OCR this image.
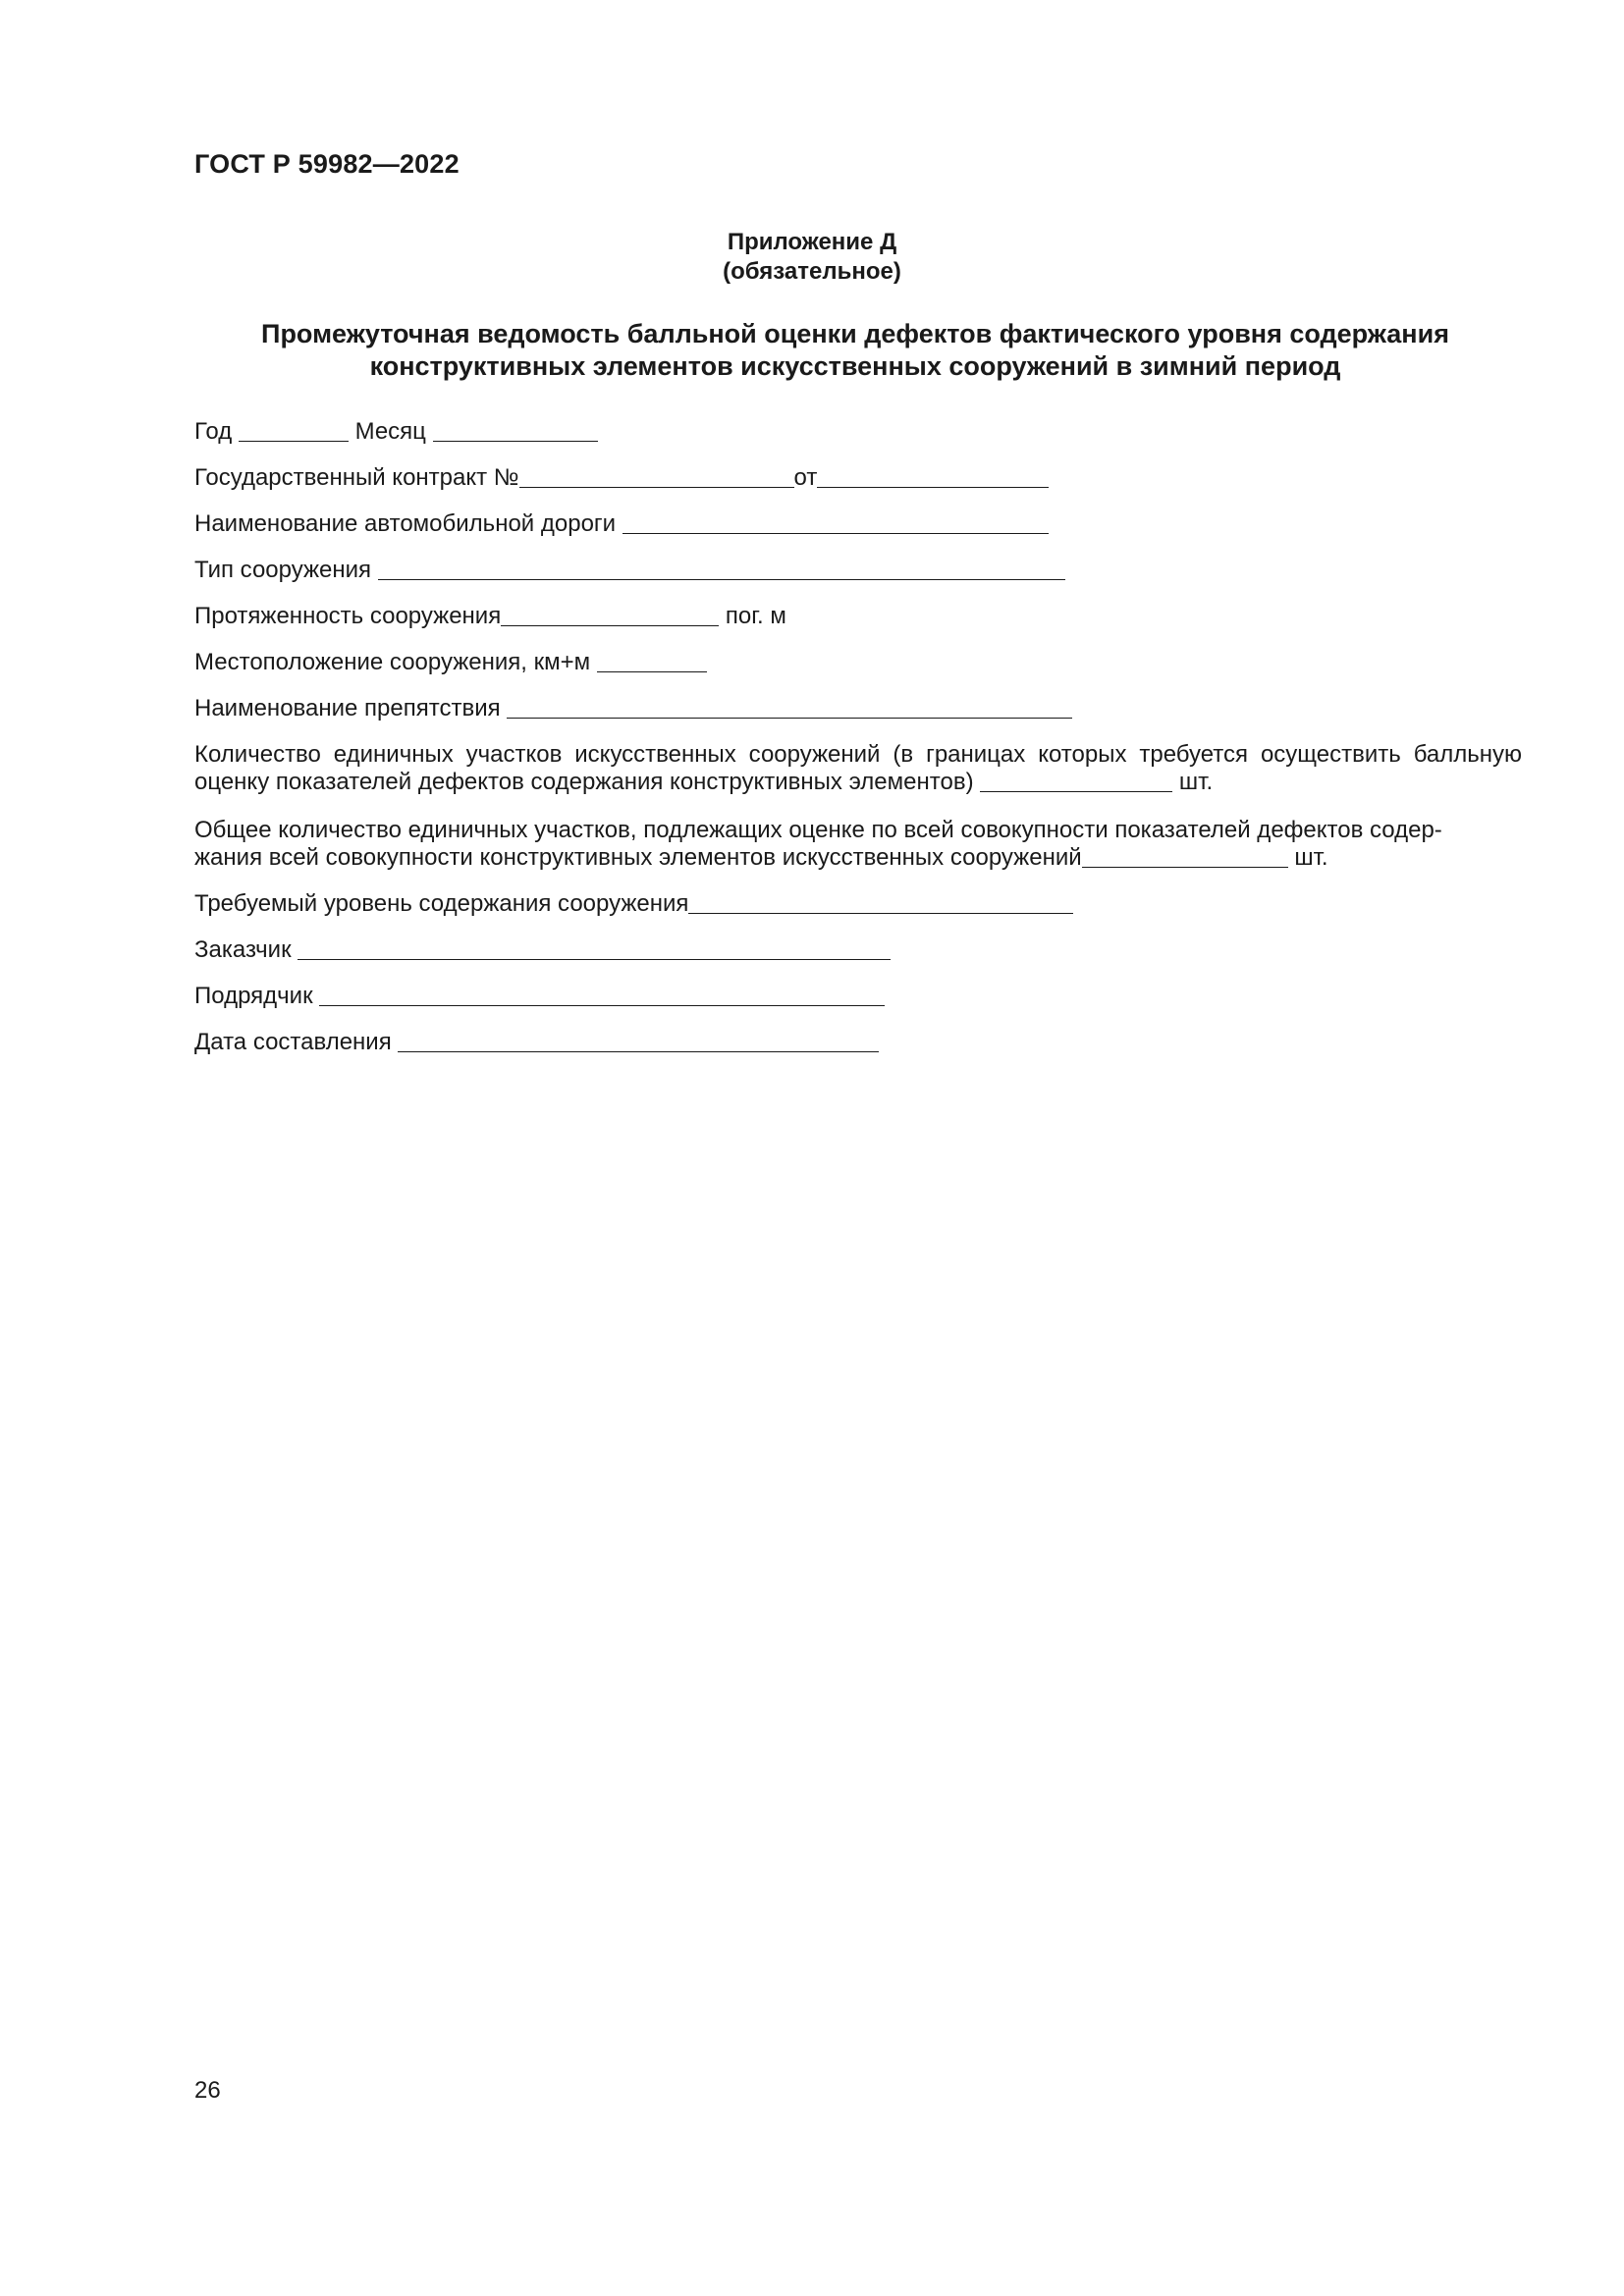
ГОСТ Р 59982—2022
Приложение Д
(обязательное)
Промежуточная ведомость балльной оценки дефектов фактического уровня содержания
конструктивных элементов искусственных сооружений в зимний период
Год	Месяц
Государственный контракт №	от
Наименование автомобильной дороги
Тип сооружения
Протяженность сооружения	пог. м
Местоположение сооружения, км+м
Наименование препятствия
Количество единичных участков искусственных сооружений (в границах которых требуется осуществить балльную оценку показателей дефектов содержания конструктивных элементов)	шт.
Общее количество единичных участков, подлежащих оценке по всей совокупности показателей дефектов содер-
жания всей совокупности конструктивных элементов искусственных сооружений	шт.
Требуемый уровень содержания сооружения
Заказчик
Подрядчик
Дата составления
26
